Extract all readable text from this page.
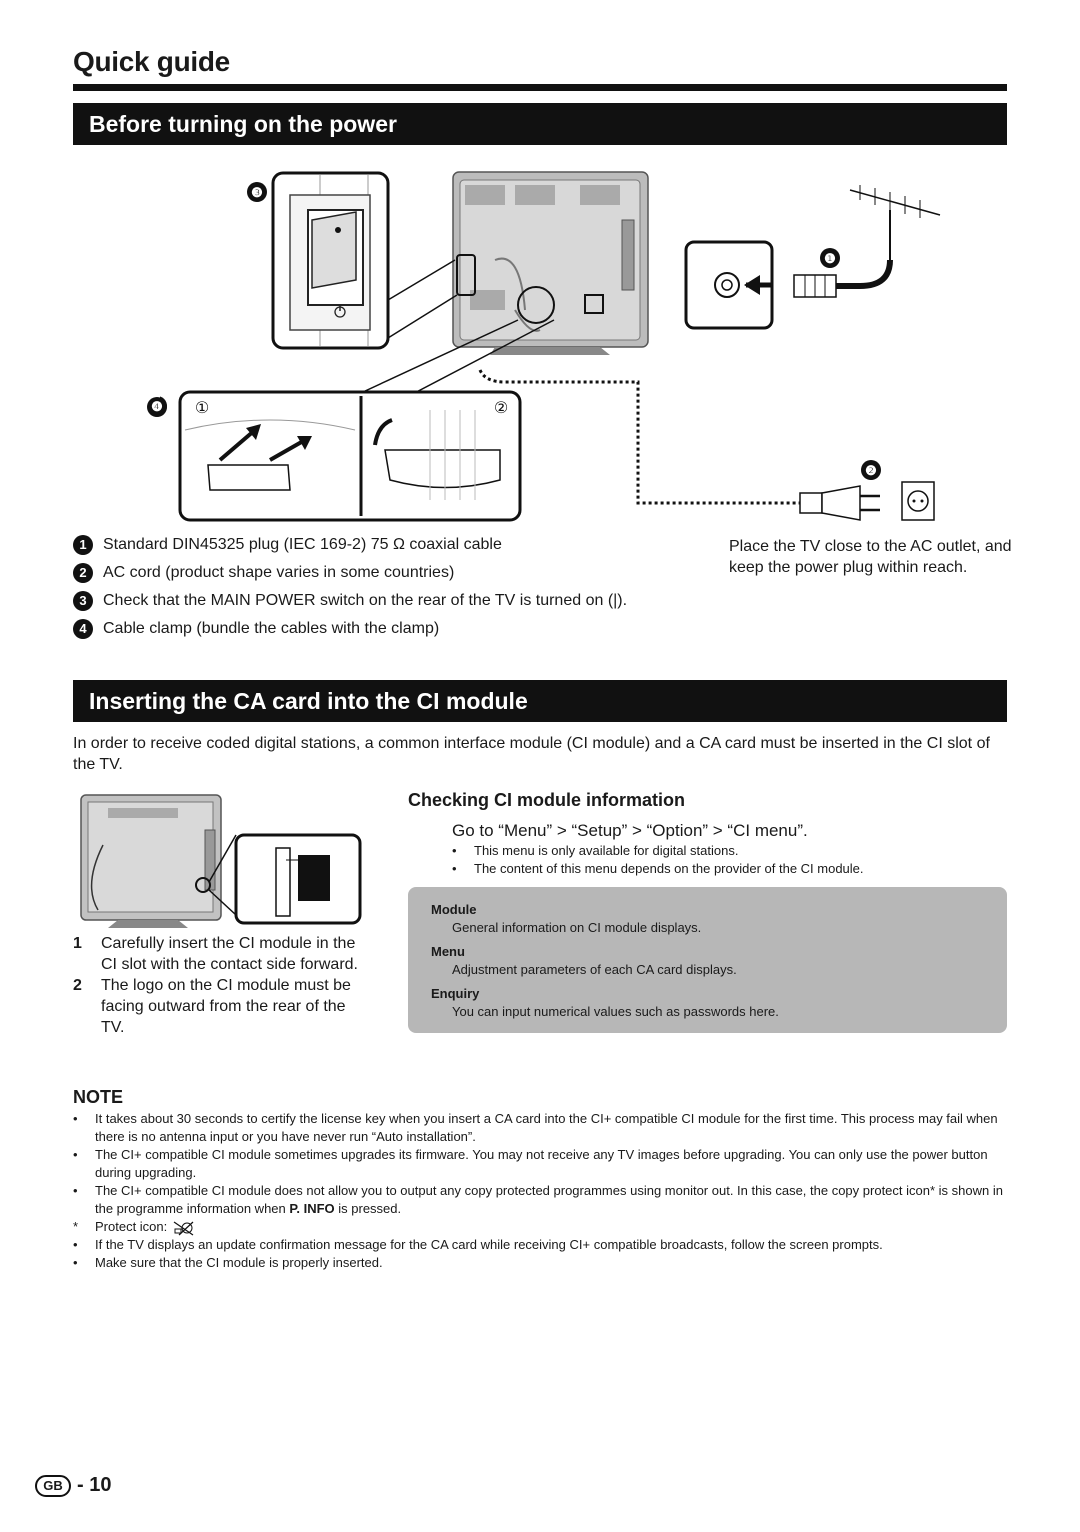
Quick guide
Before turning on the power
❸
❶
❷
①	②
❹
1	Standard DIN45325 plug (IEC 169-2) 75 Ω coaxial cable
2	AC cord (product shape varies in some countries)
3	Check that the MAIN POWER switch on the rear of the TV is turned on (|).
4	Cable clamp (bundle the cables with the clamp)
Place the TV close to the AC outlet, and keep the power plug within reach.
Inserting the CA card into the CI module
In order to receive coded digital stations, a common interface module (CI module) and a CA card must be inserted in the CI slot of the TV.
1	Carefully insert the CI module in the CI slot with the contact side forward.
2	The logo on the CI module must be facing outward from the rear of the TV.
Checking CI module information
Go to “Menu” > “Setup” > “Option” > “CI menu”.
•	This menu is only available for digital stations.
•	The content of this menu depends on the provider of the CI module.
Module
General information on CI module displays.
Menu
Adjustment parameters of each CA card displays.
Enquiry
You can input numerical values such as passwords here.
NOTE
•	It takes about 30 seconds to certify the license key when you insert a CA card into the CI+ compatible CI module for the first time. This process may fail when there is no antenna input or you have never run “Auto installation”.
•	The CI+ compatible CI module sometimes upgrades its firmware. You may not receive any TV images before upgrading. You can only use the power button during upgrading.
•	The CI+ compatible CI module does not allow you to output any copy protected programmes using monitor out. In this case, the copy protect icon* is shown in the programme information when P. INFO is pressed.
*	Protect icon:
•	If the TV displays an update confirmation message for the CA card while receiving CI+ compatible broadcasts, follow the screen prompts.
•	Make sure that the CI module is properly inserted.
GB - 10
